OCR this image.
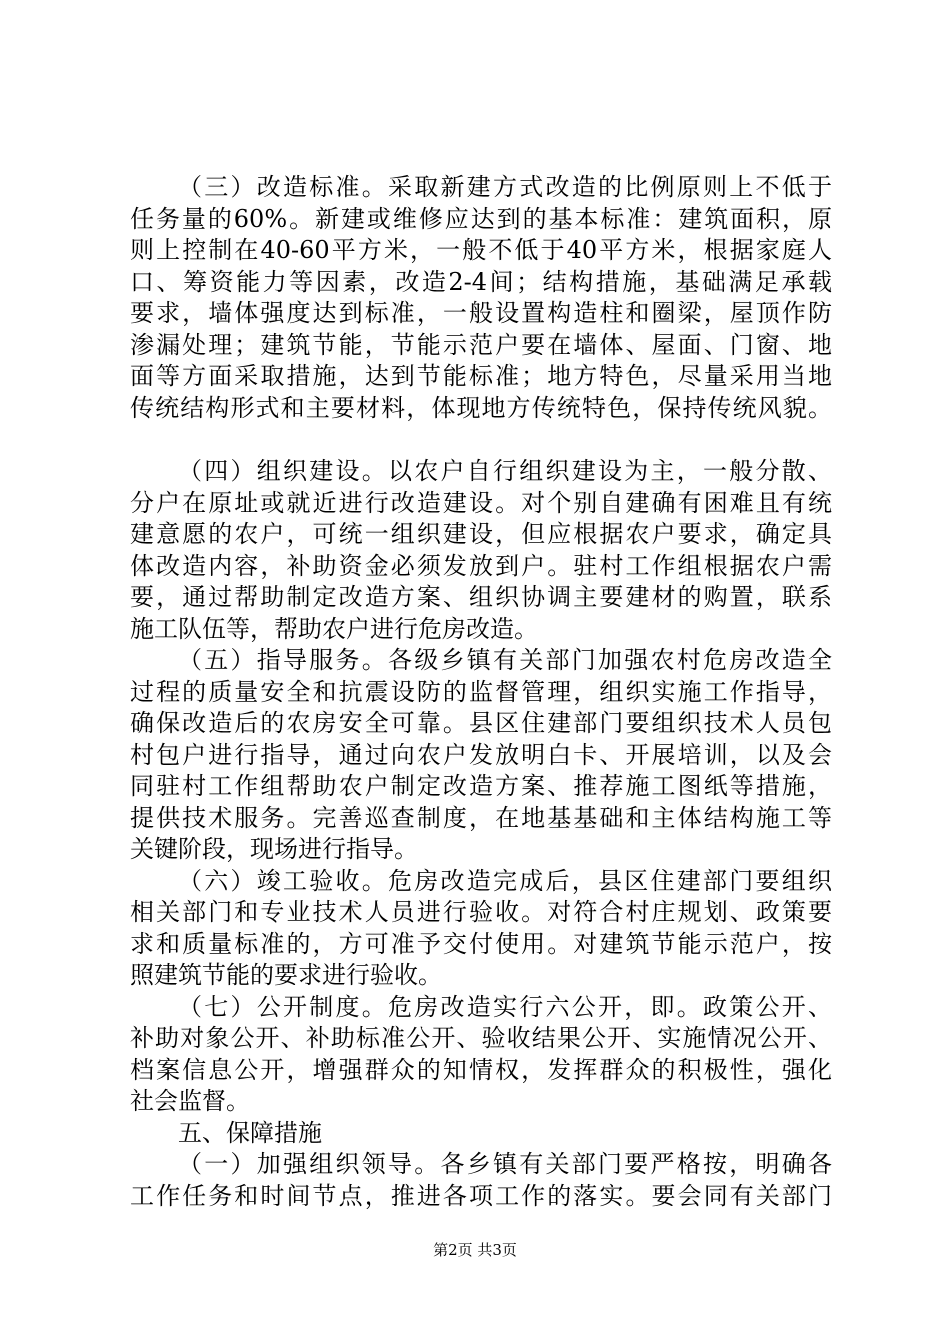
（三）改造标准。采取新建方式改造的比例原则上不低于
任务量的60%。新建或维修应达到的基本标准：建筑面积，原
则上控制在40-60平方米，一般不低于40平方米，根据家庭人
口、筹资能力等因素，改造2-4间；结构措施，基础满足承载
要求，墙体强度达到标准，一般设置构造柱和圈梁，屋顶作防
渗漏处理；建筑节能，节能示范户要在墙体、屋面、门窗、地
面等方面采取措施，达到节能标准；地方特色，尽量采用当地
传统结构形式和主要材料，体现地方传统特色，保持传统风貌。
（四）组织建设。以农户自行组织建设为主，一般分散、
分户在原址或就近进行改造建设。对个别自建确有困难且有统
建意愿的农户，可统一组织建设，但应根据农户要求，确定具
体改造内容，补助资金必须发放到户。驻村工作组根据农户需
要，通过帮助制定改造方案、组织协调主要建材的购置，联系
施工队伍等，帮助农户进行危房改造。
（五）指导服务。各级乡镇有关部门加强农村危房改造全
过程的质量安全和抗震设防的监督管理，组织实施工作指导，
确保改造后的农房安全可靠。县区住建部门要组织技术人员包
村包户进行指导，通过向农户发放明白卡、开展培训，以及会
同驻村工作组帮助农户制定改造方案、推荐施工图纸等措施，
提供技术服务。完善巡查制度，在地基基础和主体结构施工等
关键阶段，现场进行指导。
（六）竣工验收。危房改造完成后，县区住建部门要组织
相关部门和专业技术人员进行验收。对符合村庄规划、政策要
求和质量标准的，方可准予交付使用。对建筑节能示范户，按
照建筑节能的要求进行验收。
（七）公开制度。危房改造实行六公开，即。政策公开、
补助对象公开、补助标准公开、验收结果公开、实施情况公开、
档案信息公开，增强群众的知情权，发挥群众的积极性，强化
社会监督。
五、保障措施
（一）加强组织领导。各乡镇有关部门要严格按，明确各
工作任务和时间节点，推进各项工作的落实。要会同有关部门
第2页 共3页
